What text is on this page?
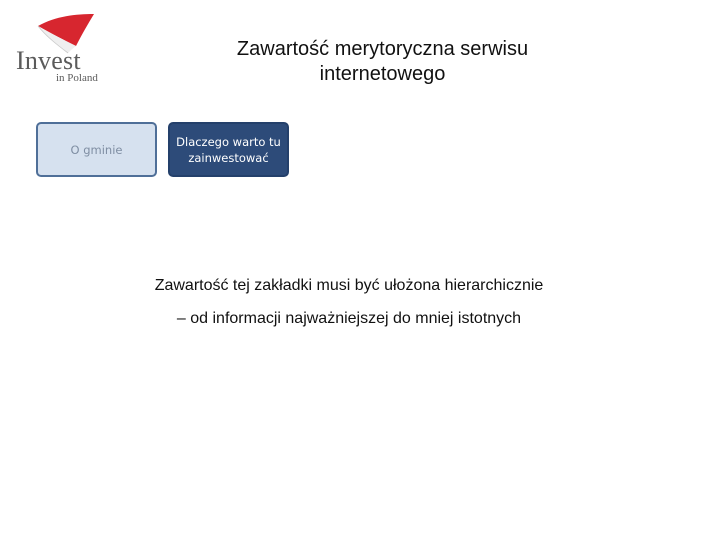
Invest
in Poland
Zawartość merytoryczna serwisu
internetowego
O gminie
Dlaczego warto tu zainwestować
Zawartość tej zakładki musi być ułożona hierarchicznie
– od informacji najważniejszej do mniej istotnych
